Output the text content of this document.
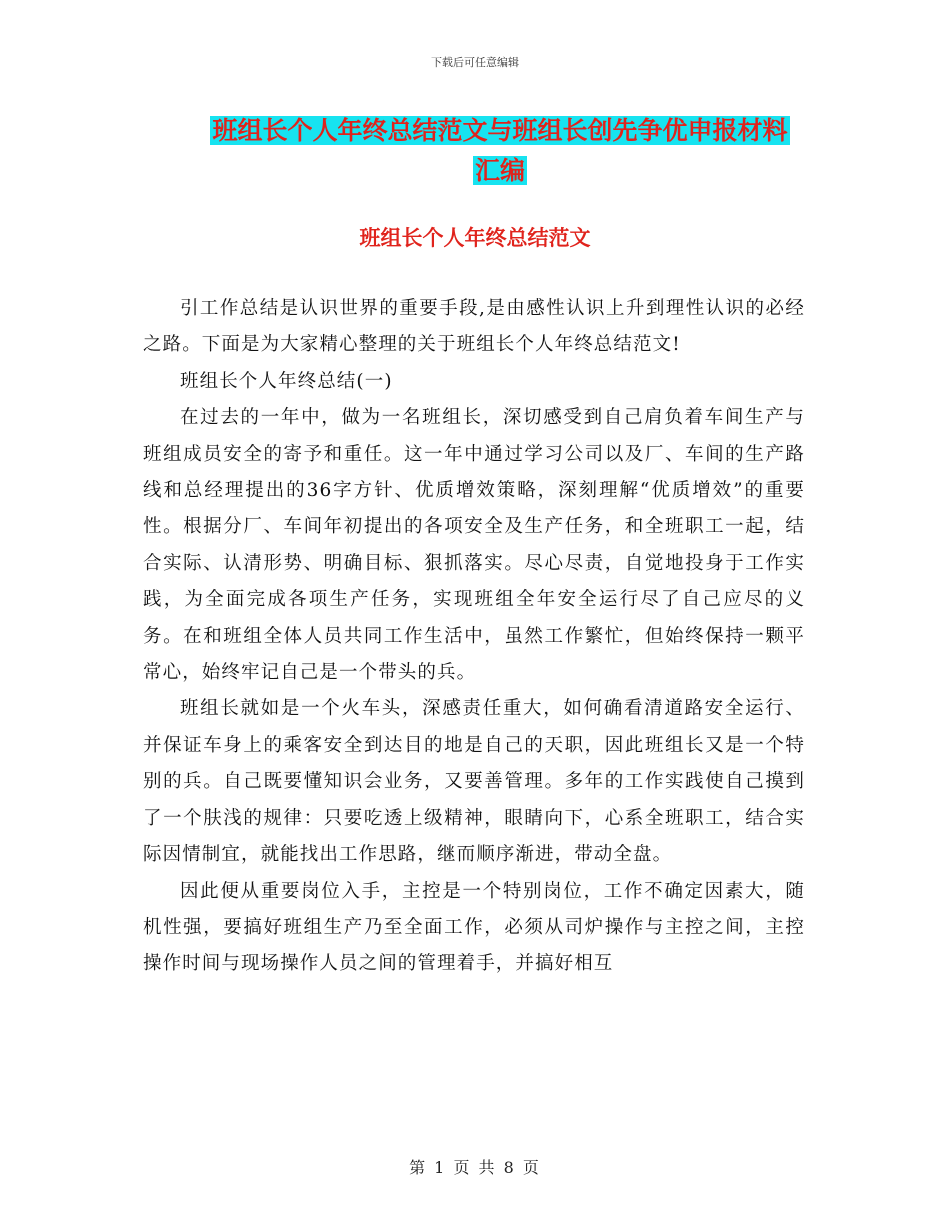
下载后可任意编辑
班组长个人年终总结范文与班组长创先争优申报材料
汇编
班组长个人年终总结范文

引工作总结是认识世界的重要手段,是由感性认识上升到理性认识的必经之路。下面是为大家精心整理的关于班组长个人年终总结范文!

班组长个人年终总结(一)

在过去的一年中，做为一名班组长，深切感受到自己肩负着车间生产与班组成员安全的寄予和重任。这一年中通过学习公司以及厂、车间的生产路线和总经理提出的36字方针、优质增效策略，深刻理解“优质增效”的重要性。根据分厂、车间年初提出的各项安全及生产任务，和全班职工一起，结合实际、认清形势、明确目标、狠抓落实。尽心尽责，自觉地投身于工作实践，为全面完成各项生产任务，实现班组全年安全运行尽了自己应尽的义务。在和班组全体人员共同工作生活中，虽然工作繁忙，但始终保持一颗平常心，始终牢记自己是一个带头的兵。

班组长就如是一个火车头，深感责任重大，如何确看清道路安全运行、并保证车身上的乘客安全到达目的地是自己的天职，因此班组长又是一个特别的兵。自己既要懂知识会业务，又要善管理。多年的工作实践使自己摸到了一个肤浅的规律：只要吃透上级精神，眼睛向下，心系全班职工，结合实际因情制宜，就能找出工作思路，继而顺序渐进，带动全盘。

因此便从重要岗位入手，主控是一个特别岗位，工作不确定因素大，随机性强，要搞好班组生产乃至全面工作，必须从司炉操作与主控之间，主控操作时间与现场操作人员之间的管理着手，并搞好相互

第 1 页 共 8 页
